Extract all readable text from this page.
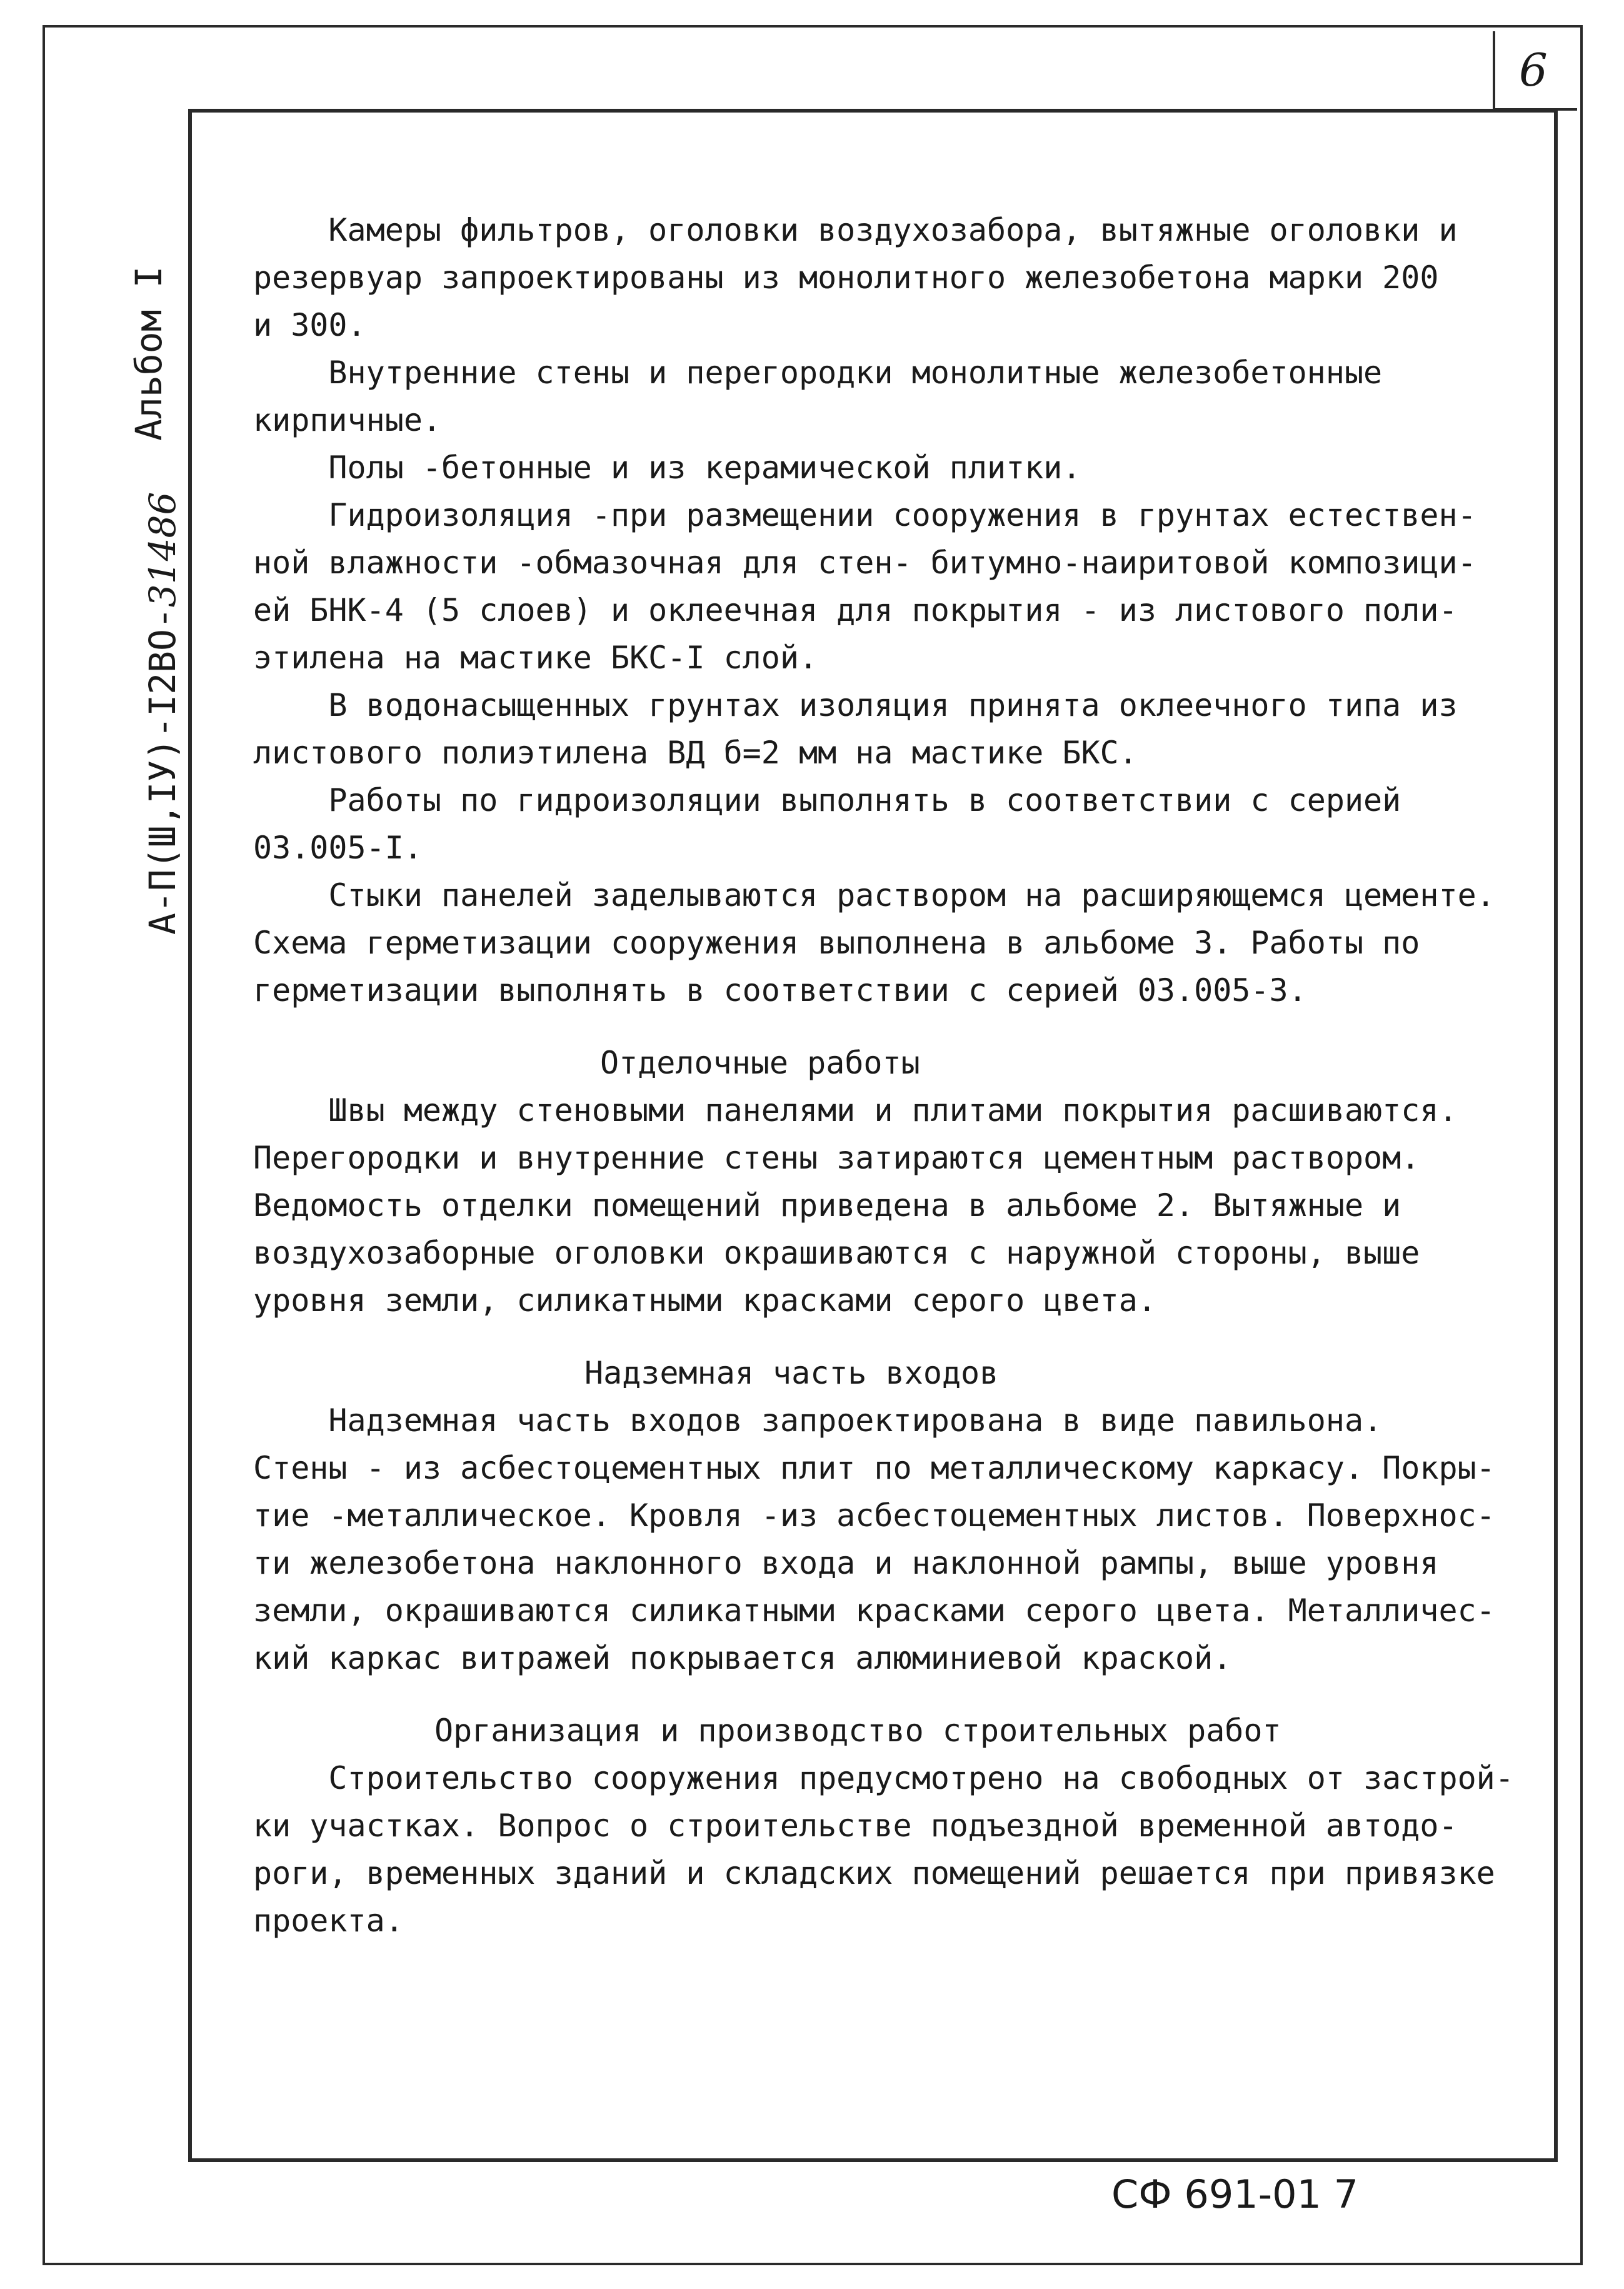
6
Альбом I
А-П(Ш,IУ)-I2ВО-31486
Камеры фильтров, оголовки воздухозабора, вытяжные оголовки и
резервуар запроектированы из монолитного железобетона марки 200
и 300.
Внутренние стены и перегородки монолитные железобетонные
кирпичные.
Полы -бетонные и из керамической плитки.
Гидроизоляция -при размещении сооружения в грунтах естествен-
ной влажности -обмазочная для стен- битумно-наиритовой композици-
ей БНК-4 (5 слоев) и оклеечная для покрытия - из листового поли-
этилена на мастике БКС-I слой.
В водонасыщенных грунтах изоляция принята оклеечного типа из
листового полиэтилена ВД б=2 мм на мастике БКС.
Работы по гидроизоляции выполнять в соответствии с серией
03.005-I.
Стыки панелей заделываются раствором на расширяющемся цементе.
Схема герметизации сооружения выполнена в альбоме 3. Работы по
герметизации выполнять в соответствии с серией 03.005-3.
Отделочные работы
Швы между стеновыми панелями и плитами покрытия расшиваются.
Перегородки и внутренние стены затираются цементным раствором.
Ведомость отделки помещений приведена в альбоме 2. Вытяжные и
воздухозаборные оголовки окрашиваются с наружной стороны, выше
уровня земли, силикатными красками серого цвета.
Надземная часть входов
Надземная часть входов запроектирована в виде павильона.
Стены - из асбестоцементных плит по металлическому каркасу. Покры-
тие -металлическое. Кровля -из асбестоцементных листов. Поверхнос-
ти железобетона наклонного входа и наклонной рампы, выше уровня
земли, окрашиваются силикатными красками серого цвета. Металличес-
кий каркас витражей покрывается алюминиевой краской.
Организация и производство строительных работ
Строительство сооружения предусмотрено на свободных от застрой-
ки участках. Вопрос о строительстве подъездной временной автодо-
роги, временных зданий и складских помещений решается при привязке
проекта.
СФ 691-01 7
